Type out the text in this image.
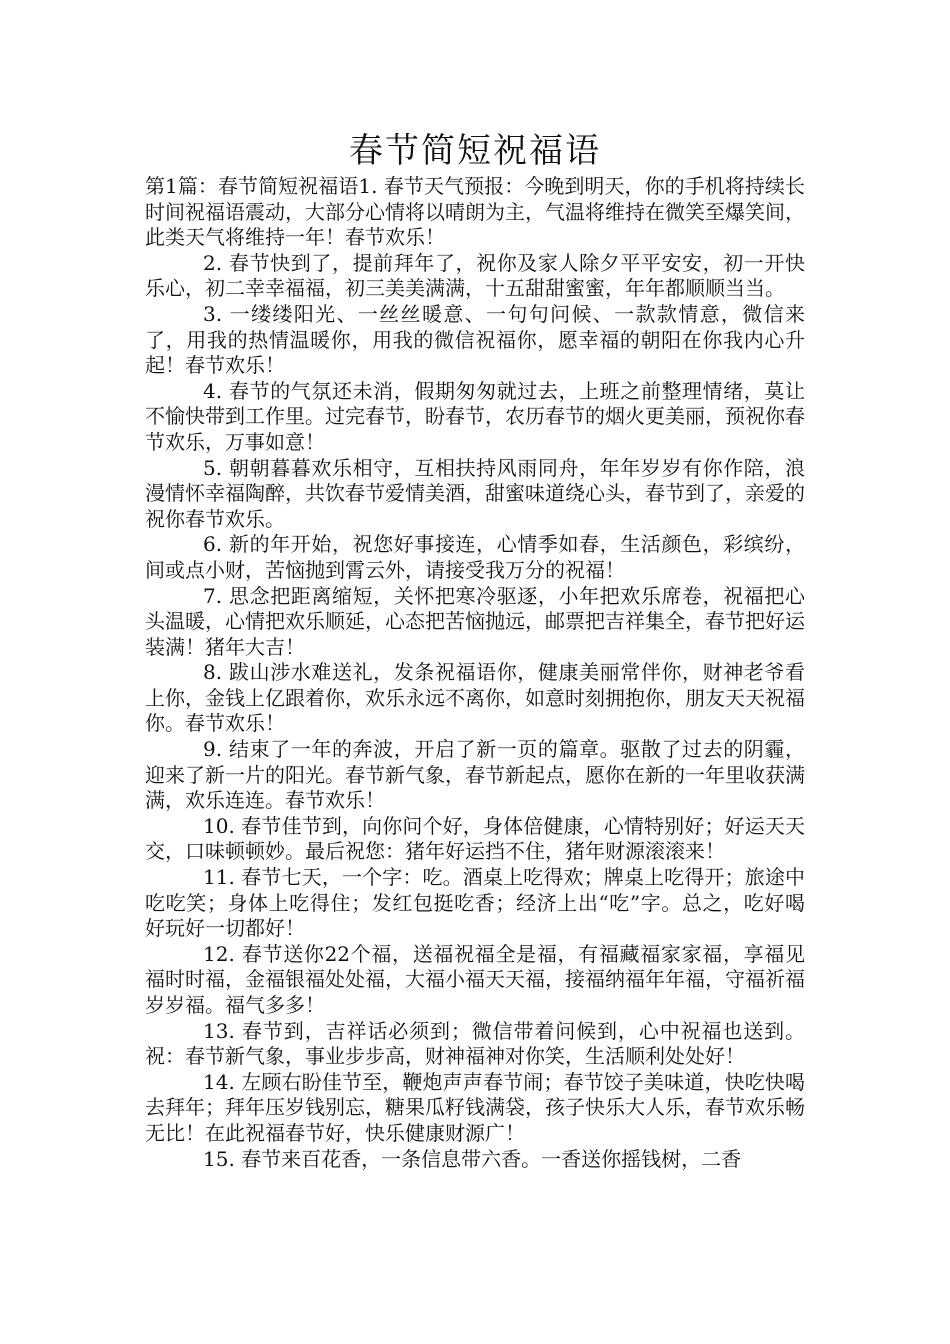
春节简短祝福语

第1篇：春节简短祝福语1. 春节天气预报：今晚到明天，你的手机将持续长时间祝福语震动，大部分心情将以晴朗为主，气温将维持在微笑至爆笑间，此类天气将维持一年！春节欢乐！

2. 春节快到了，提前拜年了，祝你及家人除夕平平安安，初一开快乐心，初二幸幸福福，初三美美满满，十五甜甜蜜蜜，年年都顺顺当当。

3. 一缕缕阳光、一丝丝暖意、一句句问候、一款款情意，微信来了，用我的热情温暖你，用我的微信祝福你，愿幸福的朝阳在你我内心升起！春节欢乐！

4. 春节的气氛还未消，假期匆匆就过去，上班之前整理情绪，莫让不愉快带到工作里。过完春节，盼春节，农历春节的烟火更美丽，预祝你春节欢乐，万事如意！

5. 朝朝暮暮欢乐相守，互相扶持风雨同舟，年年岁岁有你作陪，浪漫情怀幸福陶醉，共饮春节爱情美酒，甜蜜味道绕心头，春节到了，亲爱的祝你春节欢乐。

6. 新的年开始，祝您好事接连，心情季如春，生活颜色，彩缤纷，间或点小财，苦恼抛到霄云外，请接受我万分的祝福！

7. 思念把距离缩短，关怀把寒冷驱逐，小年把欢乐席卷，祝福把心头温暖，心情把欢乐顺延，心态把苦恼抛远，邮票把吉祥集全，春节把好运装满！猪年大吉！

8. 跋山涉水难送礼，发条祝福语你，健康美丽常伴你，财神老爷看上你，金钱上亿跟着你，欢乐永远不离你，如意时刻拥抱你，朋友天天祝福你。春节欢乐！

9. 结束了一年的奔波，开启了新一页的篇章。驱散了过去的阴霾，迎来了新一片的阳光。春节新气象，春节新起点，愿你在新的一年里收获满满，欢乐连连。春节欢乐！

10. 春节佳节到，向你问个好，身体倍健康，心情特别好；好运天天交，口味顿顿妙。最后祝您：猪年好运挡不住，猪年财源滚滚来！

11. 春节七天，一个字：吃。酒桌上吃得欢；牌桌上吃得开；旅途中吃吃笑；身体上吃得住；发红包挺吃香；经济上出“吃”字。总之，吃好喝好玩好一切都好！

12. 春节送你22个福，送福祝福全是福，有福藏福家家福，享福见福时时福，金福银福处处福，大福小福天天福，接福纳福年年福，守福祈福岁岁福。福气多多！

13. 春节到，吉祥话必须到；微信带着问候到，心中祝福也送到。祝：春节新气象，事业步步高，财神福神对你笑，生活顺利处处好！

14. 左顾右盼佳节至，鞭炮声声春节闹；春节饺子美味道，快吃快喝去拜年；拜年压岁钱别忘，糖果瓜籽钱满袋，孩子快乐大人乐，春节欢乐畅无比！在此祝福春节好，快乐健康财源广！

15. 春节来百花香，一条信息带六香。一香送你摇钱树，二香
